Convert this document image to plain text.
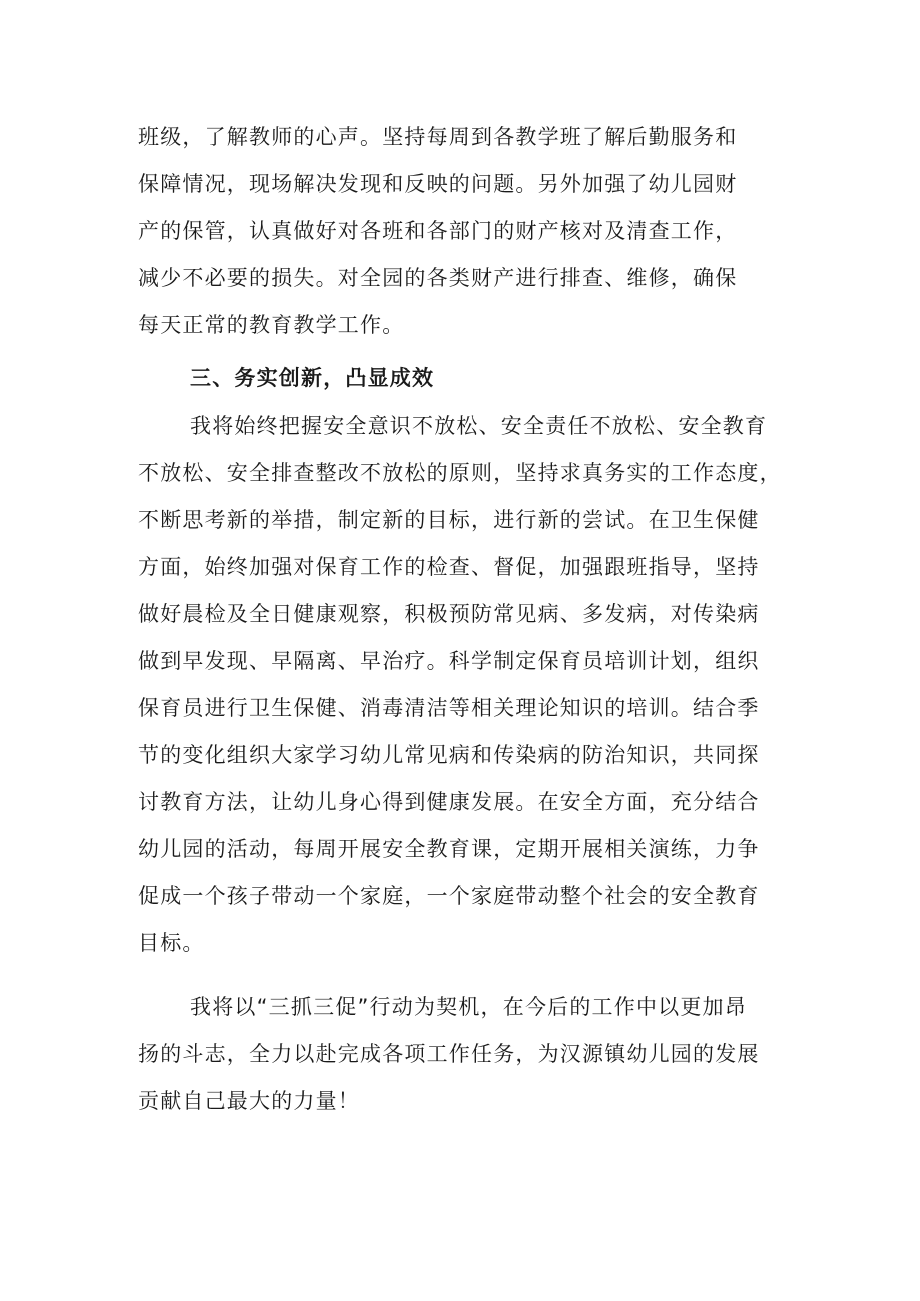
班级，了解教师的心声。坚持每周到各教学班了解后勤服务和
保障情况，现场解决发现和反映的问题。另外加强了幼儿园财
产的保管，认真做好对各班和各部门的财产核对及清查工作，
减少不必要的损失。对全园的各类财产进行排查、维修，确保
每天正常的教育教学工作。
三、务实创新，凸显成效
我将始终把握安全意识不放松、安全责任不放松、安全教育
不放松、安全排查整改不放松的原则，坚持求真务实的工作态度，
不断思考新的举措，制定新的目标，进行新的尝试。在卫生保健
方面，始终加强对保育工作的检查、督促，加强跟班指导，坚持
做好晨检及全日健康观察，积极预防常见病、多发病，对传染病
做到早发现、早隔离、早治疗。科学制定保育员培训计划，组织
保育员进行卫生保健、消毒清洁等相关理论知识的培训。结合季
节的变化组织大家学习幼儿常见病和传染病的防治知识，共同探
讨教育方法，让幼儿身心得到健康发展。在安全方面，充分结合
幼儿园的活动，每周开展安全教育课，定期开展相关演练，力争
促成一个孩子带动一个家庭，一个家庭带动整个社会的安全教育
目标。
我将以“三抓三促”行动为契机，在今后的工作中以更加昂
扬的斗志，全力以赴完成各项工作任务，为汉源镇幼儿园的发展
贡献自己最大的力量！
